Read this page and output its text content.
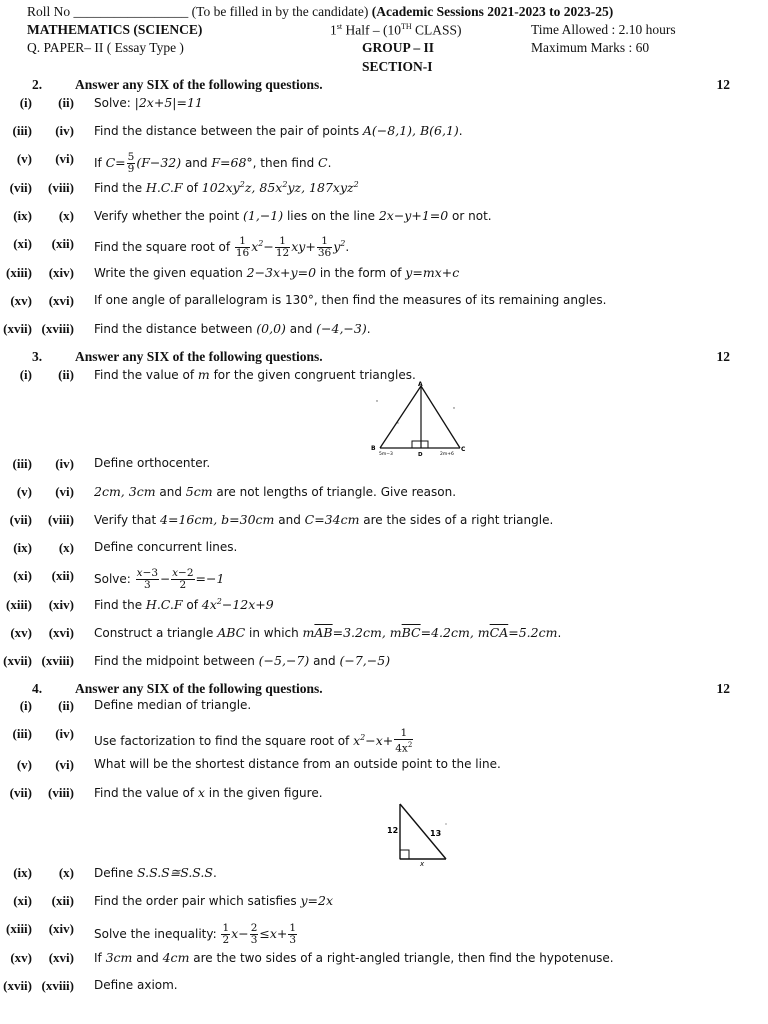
Roll No _________________ (To be filled in by the candidate) (Academic Sessions 2021-2023 to 2023-25)
MATHEMATICS (SCIENCE)	1st Half – (10TH CLASS)	Time Allowed : 2.10 hours
Q. PAPER– II ( Essay Type )	GROUP – II	Maximum Marks : 60
SECTION-I
2. Answer any SIX of the following questions.	12
(i)	(ii) Solve: |2x+5|=11
(iii)	(iv) Find the distance between the pair of points A(−8,1), B(6,1).
(v)	(vi) If $C= \frac{5}{9} (F-32)$ and F=68°, then find C.
(vii)	(viii) Find the H.C.F of $102xy^2z$, $85x^2yz$, 187xyz$^2$
(ix)	(x) Verify whether the point (1,−1) lies on the line 2x−y+1=0 or not.
(xi)	(xii) Find the square root of $\frac{1}{16} x^2- \frac{1}{12} xy+ \frac{1}{36} y^2$.
(xiii)	(xiv) Write the given equation 2−3x+y=0 in the form of y=mx+c
(xv)	(xvi) If one angle of parallelogram is 130°, then find the measures of its remaining angles.
(xvii) (xviii) Find the distance between (0,0) and (−4,−3).
3. Answer any SIX of the following questions.	12
(i)	(ii) Find the value of m for the given congruent triangles.
A
B	C
D
5m−3	2m+6
(iii)	(iv) Define orthocenter.
(v)	(vi) 2cm, 3cm and 5cm are not lengths of triangle. Give reason.
(vii)	(viii) Verify that 4=16cm, b=30cm and C=34cm are the sides of a right triangle.
(ix)	(x) Define concurrent lines.
(xi)	(xii) Solve: $\frac{x-3}{3} - \frac{x-2}{2} =-1$
(xiii)	(xiv) Find the H.C.F of $4x^2-12x+9$
(xv)	(xvi) Construct a triangle ABC in which $m\overline{AB}=3.2cm$, $m\overline{BC}=4.2cm$, $m\overline{CA}=5.2cm$.
(xvii) (xviii) Find the midpoint between (−5,−7) and (−7,−5)
4. Answer any SIX of the following questions.	12
(i)	(ii) Define median of triangle.
(iii)	(iv) Use factorization to find the square root of $x^2-x+ \frac{1}{4x^2}$
(v)	(vi) What will be the shortest distance from an outside point to the line.
(vii)	(viii) Find the value of x in the given figure.
12	13
x
(ix)	(x) Define S.S.S≅S.S.S.
(xi)	(xii) Find the order pair which satisfies y=2x
(xiii)	(xiv) Solve the inequality: $\frac{1}{2} x- \frac{2}{3} \le x+ \frac{1}{3}$
(xv)	(xvi) If 3cm and 4cm are the two sides of a right-angled triangle, then find the hypotenuse.
(xvii) (xviii) Define axiom.
